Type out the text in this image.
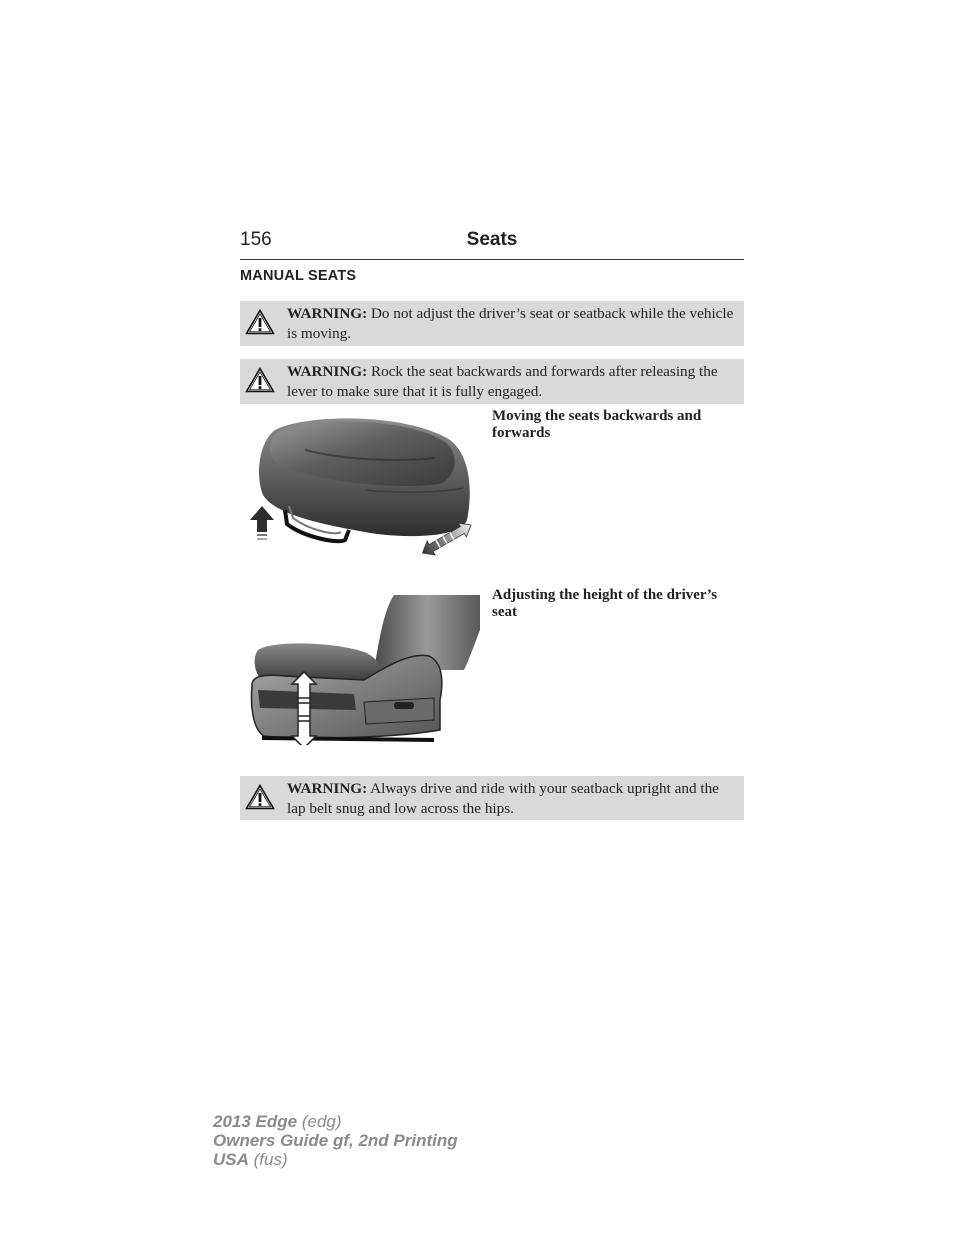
156	Seats
MANUAL SEATS
WARNING: Do not adjust the driver’s seat or seatback while the vehicle is moving.
WARNING: Rock the seat backwards and forwards after releasing the lever to make sure that it is fully engaged.
Moving the seats backwards and forwards
Adjusting the height of the driver’s seat
WARNING: Always drive and ride with your seatback upright and the lap belt snug and low across the hips.
2013 Edge (edg)
Owners Guide gf, 2nd Printing
USA (fus)
